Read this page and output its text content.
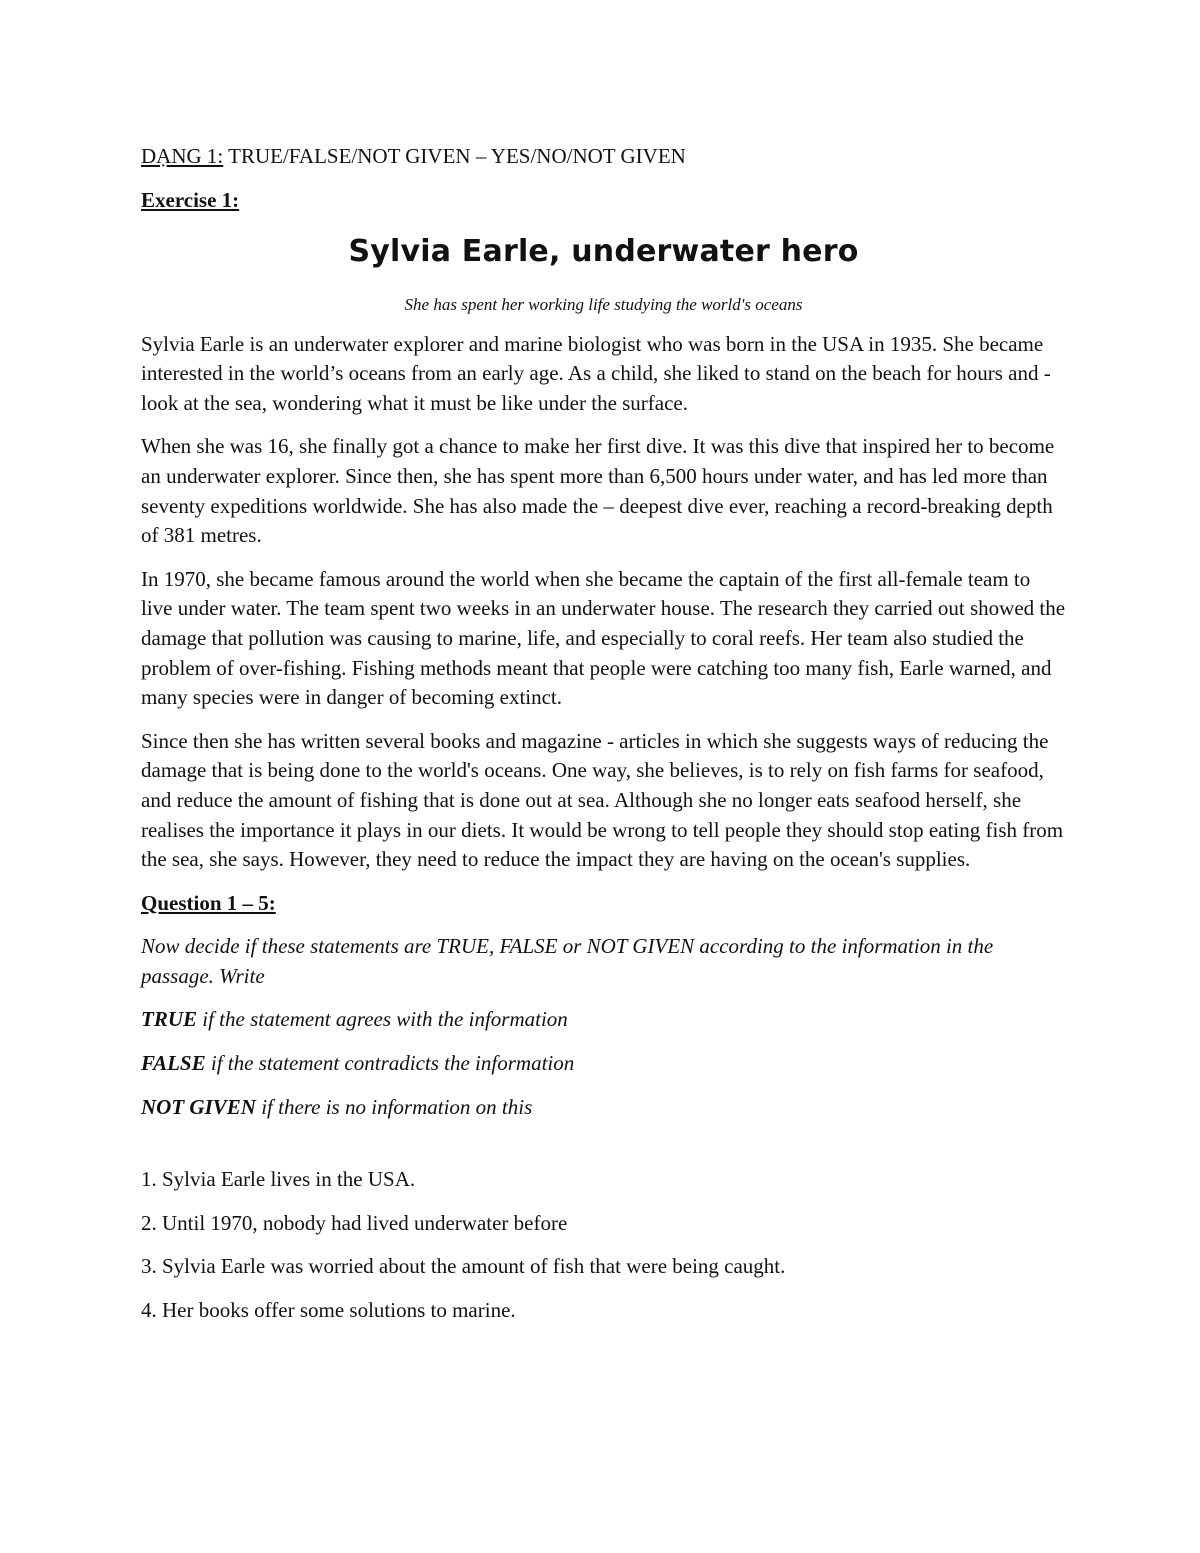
DẠNG 1: TRUE/FALSE/NOT GIVEN – YES/NO/NOT GIVEN

Exercise 1:

Sylvia Earle, underwater hero
She has spent her working life studying the world's oceans

Sylvia Earle is an underwater explorer and marine biologist who was born in the USA in 1935. She became interested in the world’s oceans from an early age. As a child, she liked to stand on the beach for hours and - look at the sea, wondering what it must be like under the surface.

When she was 16, she finally got a chance to make her first dive. It was this dive that inspired her to become an underwater explorer. Since then, she has spent more than 6,500 hours under water, and has led more than seventy expeditions worldwide. She has also made the – deepest dive ever, reaching a record-breaking depth of 381 metres.

In 1970, she became famous around the world when she became the captain of the first all-female team to live under water. The team spent two weeks in an underwater house. The research they carried out showed the damage that pollution was causing to marine, life, and especially to coral reefs. Her team also studied the problem of over-fishing. Fishing methods meant that people were catching too many fish, Earle warned, and many species were in danger of becoming extinct.

Since then she has written several books and magazine - articles in which she suggests ways of reducing the damage that is being done to the world's oceans. One way, she believes, is to rely on fish farms for seafood, and reduce the amount of fishing that is done out at sea. Although she no longer eats seafood herself, she realises the importance it plays in our diets. It would be wrong to tell people they should stop eating fish from the sea, she says. However, they need to reduce the impact they are having on the ocean's supplies.

Question 1 – 5:

Now decide if these statements are TRUE, FALSE or NOT GIVEN according to the information in the passage. Write

TRUE if the statement agrees with the information

FALSE if the statement contradicts the information

NOT GIVEN if there is no information on this

1. Sylvia Earle lives in the USA.
2. Until 1970, nobody had lived underwater before
3. Sylvia Earle was worried about the amount of fish that were being caught.
4. Her books offer some solutions to marine.
